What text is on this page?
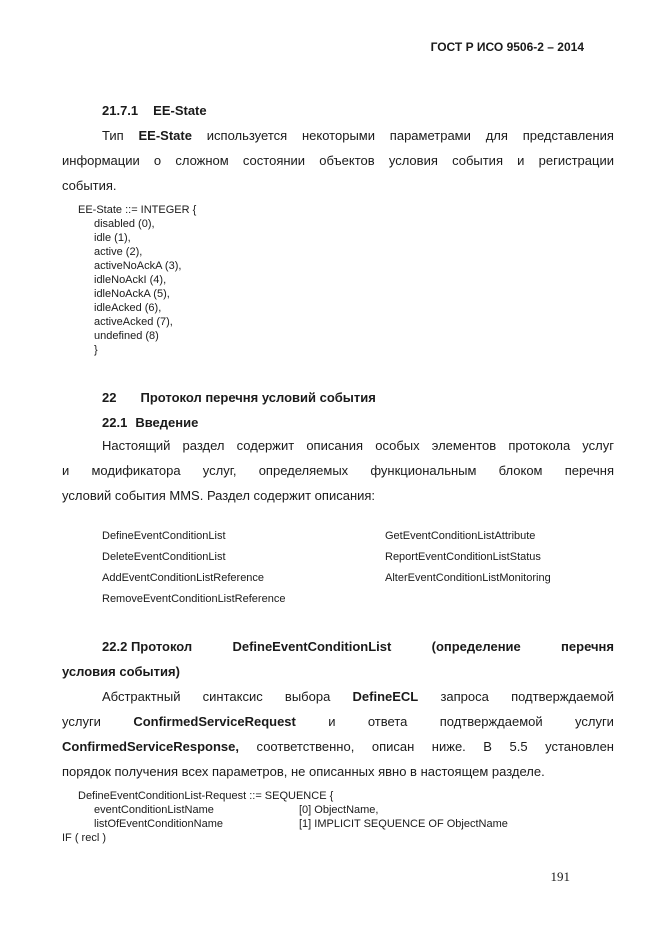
ГОСТ Р ИСО 9506-2 – 2014
21.7.1 EE-State
Тип EE-State используется некоторыми параметрами для представления
информации о сложном состоянии объектов условия события и регистрации
события.
EE-State ::= INTEGER {
disabled (0),
idle (1),
active (2),
activeNoAckA (3),
idleNoAckI (4),
idleNoAckA (5),
idleAcked (6),
activeAcked (7),
undefined (8)
}
22 Протокол перечня условий события
22.1 Введение
Настоящий раздел содержит описания особых элементов протокола услуг
и модификатора услуг, определяемых функциональным блоком перечня
условий события MMS. Раздел содержит описания:
DefineEventConditionList
DeleteEventConditionList
AddEventConditionListReference
RemoveEventConditionListReference
GetEventConditionListAttribute
ReportEventConditionListStatus
AlterEventConditionListMonitoring
22.2 Протокол	DefineEventConditionList	(определение	перечня
условия события)
Абстрактный синтаксис выбора DefineECL запроса подтверждаемой
услуги ConfirmedServiceRequest и ответа подтверждаемой услуги
ConfirmedServiceResponse, соответственно, описан ниже. В 5.5 установлен
порядок получения всех параметров, не описанных явно в настоящем разделе.
DefineEventConditionList-Request ::= SEQUENCE {
eventConditionListName	[0] ObjectName,
listOfEventConditionName	[1] IMPLICIT SEQUENCE OF ObjectName
IF ( recl )
191
